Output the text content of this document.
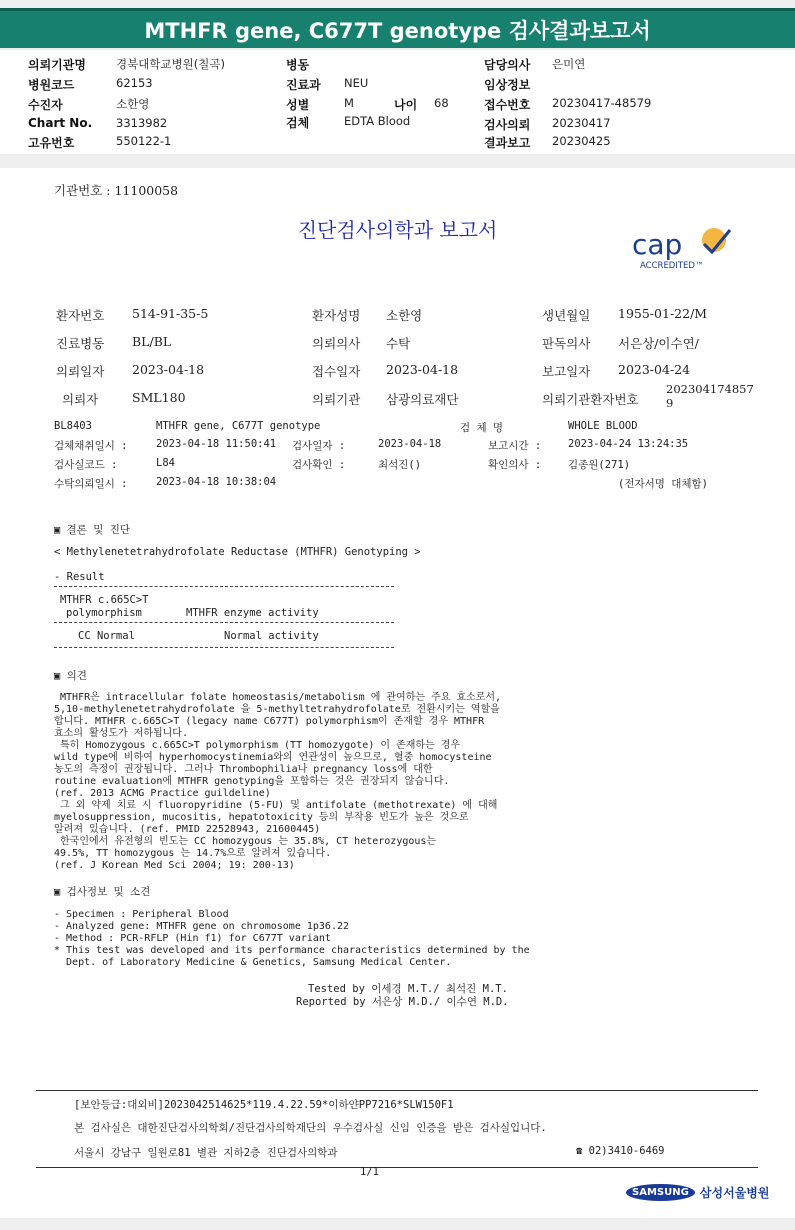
MTHFR gene, C677T genotype 검사결과보고서
의뢰기관명	경북대학교병원(칠곡)
병원코드	62153
수진자	소한영
Chart No. 3313982
고유번호	550122-1
병동
진료과 NEU
성별	M	나이 68
검체	EDTA Blood
담당의사 은미연
임상정보
접수번호 20230417-48579
검사의뢰 20230417
결과보고 20230425
기관번호 : 11100058
진단검사의학과 보고서	cap
ACCREDITED™
환자번호 514-91-35-5	환자성명 소한영	생년월일 1955-01-22/M
진료병동 BL/BL	의뢰의사 수탁	판독의사 서은상/이수연/
의뢰일자 2023-04-18	접수일자 2023-04-18	보고일자 2023-04-24
의뢰자	SML180	의뢰기관 삼광의료재단	의뢰기관환자번호
202304174857
9
BL8403	MTHFR gene, C677T genotype	검 체 명	WHOLE BLOOD
검체채취일시 :	2023-04-18 11:50:41 검사일자 :	2023-04-18	보고시간 :	2023-04-24 13:24:35
검사실코드 :	L84	검사확인 :	최석진()	확인의사 :	김종원(271)
수탁의뢰일시 :	2023-04-18 10:38:04	(전자서명 대체함)
▣ 결론 및 진단
< Methylenetetrahydrofolate Reductase (MTHFR) Genotyping >
- Result
MTHFR c.665C>T
polymorphism	MTHFR enzyme activity
CC Normal	Normal activity
▣ 의견
MTHFR은 intracellular folate homeostasis/metabolism 에 관여하는 주요 효소로서,
5,10-methylenetetrahydrofolate 을 5-methyltetrahydrofolate로 전환시키는 역할을
합니다. MTHFR c.665C>T (legacy name C677T) polymorphism이 존재할 경우 MTHFR
효소의 활성도가 저하됩니다.
특히 Homozygous c.665C>T polymorphism (TT homozygote) 이 존재하는 경우
wild type에 비하여 hyperhomocystinemia와의 연관성이 높으므로, 혈중 homocysteine
농도의 측정이 권장됩니다. 그러나 Thrombophilia나 pregnancy loss에 대한
routine evaluation에 MTHFR genotyping을 포함하는 것은 권장되지 않습니다.
(ref. 2013 ACMG Practice guildeline)
그 외 약제 치료 시 fluoropyridine (5-FU) 및 antifolate (methotrexate) 에 대해
myelosuppression, mucositis, hepatotoxicity 등의 부작용 빈도가 높은 것으로
알려져 있습니다. (ref. PMID 22528943, 21600445)
한국인에서 유전형의 빈도는 CC homozygous 는 35.8%, CT heterozygous는
49.5%, TT homozygous 는 14.7%으로 알려져 있습니다.
(ref. J Korean Med Sci 2004; 19: 200-13)
▣ 검사정보 및 소견
- Specimen : Peripheral Blood
- Analyzed gene: MTHFR gene on chromosome 1p36.22
- Method : PCR-RFLP (Hin f1) for C677T variant
* This test was developed and its performance characteristics determined by the
Dept. of Laboratory Medicine & Genetics, Samsung Medical Center.
Tested by 이세경 M.T./ 최석진 M.T.
Reported by 서은상 M.D./ 이수연 M.D.
[보안등급:대외비]2023042514625*119.4.22.59*이하얀PP7216*SLW150F1
본 검사실은 대한진단검사의학회/진단검사의학재단의 우수검사실 신임 인증을 받은 검사실입니다.
서울시 강남구 일원로81 별관 지하2층 진단검사의학과	☎ 02)3410-6469
1/1
SAMSUNG 삼성서울병원
